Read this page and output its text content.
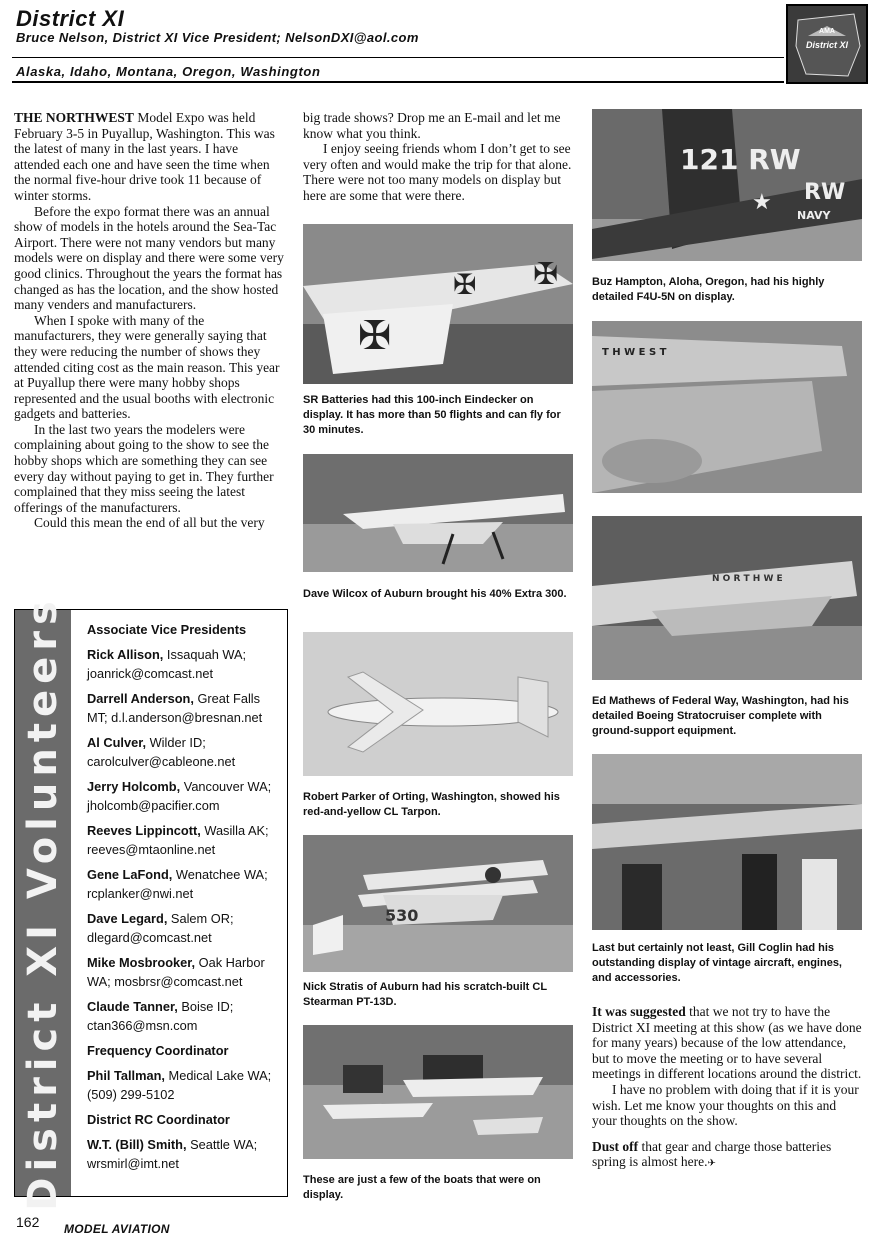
District XI
Bruce Nelson, District XI Vice President; NelsonDXI@aol.com
Alaska, Idaho, Montana, Oregon, Washington
AMA
District XI

THE NORTHWEST Model Expo was held February 3-5 in Puyallup, Washington. This was the latest of many in the last years. I have attended each one and have seen the time when the normal five-hour drive took 11 because of winter storms.

Before the expo format there was an annual show of models in the hotels around the Sea-Tac Airport. There were not many vendors but many models were on display and there were some very good clinics. Throughout the years the format has changed as has the location, and the show hosted many venders and manufacturers.

When I spoke with many of the manufacturers, they were generally saying that they were reducing the number of shows they attended citing cost as the main reason. This year at Puyallup there were many hobby shops represented and the usual booths with electronic gadgets and batteries.

In the last two years the modelers were complaining about going to the show to see the hobby shops which are something they can see every day without paying to get in. They further complained that they miss seeing the latest offerings of the manufacturers.

Could this mean the end of all but the very

District XI Volunteers Associate Vice Presidents
Rick Allison, Issaquah WA; joanrick@comcast.net
Darrell Anderson, Great Falls MT; d.l.anderson@bresnan.net
Al Culver, Wilder ID; carolculver@cableone.net
Jerry Holcomb, Vancouver WA; jholcomb@pacifier.com
Reeves Lippincott, Wasilla AK; reeves@mtaonline.net
Gene LaFond, Wenatchee WA; rcplanker@nwi.net
Dave Legard, Salem OR; dlegard@comcast.net
Mike Mosbrooker, Oak Harbor WA; mosbrsr@comcast.net
Claude Tanner, Boise ID; ctan366@msn.com
Frequency Coordinator
Phil Tallman, Medical Lake WA; (509) 299-5102
District RC Coordinator
W.T. (Bill) Smith, Seattle WA; wrsmirl@imt.net

big trade shows? Drop me an E-mail and let me know what you think.

I enjoy seeing friends whom I don’t get to see very often and would make the trip for that alone. There were not too many models on display but here are some that were there.

✠
✠ ✠
SR Batteries had this 100-inch Eindecker on display. It has more than 50 flights and can fly for 30 minutes.
Dave Wilcox of Auburn brought his 40% Extra 300.
Robert Parker of Orting, Washington, showed his red-and-yellow CL Tarpon.
530
Nick Stratis of Auburn had his scratch-built CL Stearman PT-13D.
These are just a few of the boats that were on display.
121 RW
RW
NAVY
★
Buz Hampton, Aloha, Oregon, had his highly detailed F4U-5N on display.
T H W E S T
N O R T H W E
Ed Mathews of Federal Way, Washington, had his detailed Boeing Stratocruiser complete with ground-support equipment.
Last but certainly not least, Gill Coglin had his outstanding display of vintage aircraft, engines, and accessories.

It was suggested that we not try to have the District XI meeting at this show (as we have done for many years) because of the low attendance, but to move the meeting or to have several meetings in different locations around the district.

I have no problem with doing that if it is your wish. Let me know your thoughts on this and your thoughts on the show.

Dust off that gear and charge those batteries spring is almost here.✈

162 MODEL AVIATION
